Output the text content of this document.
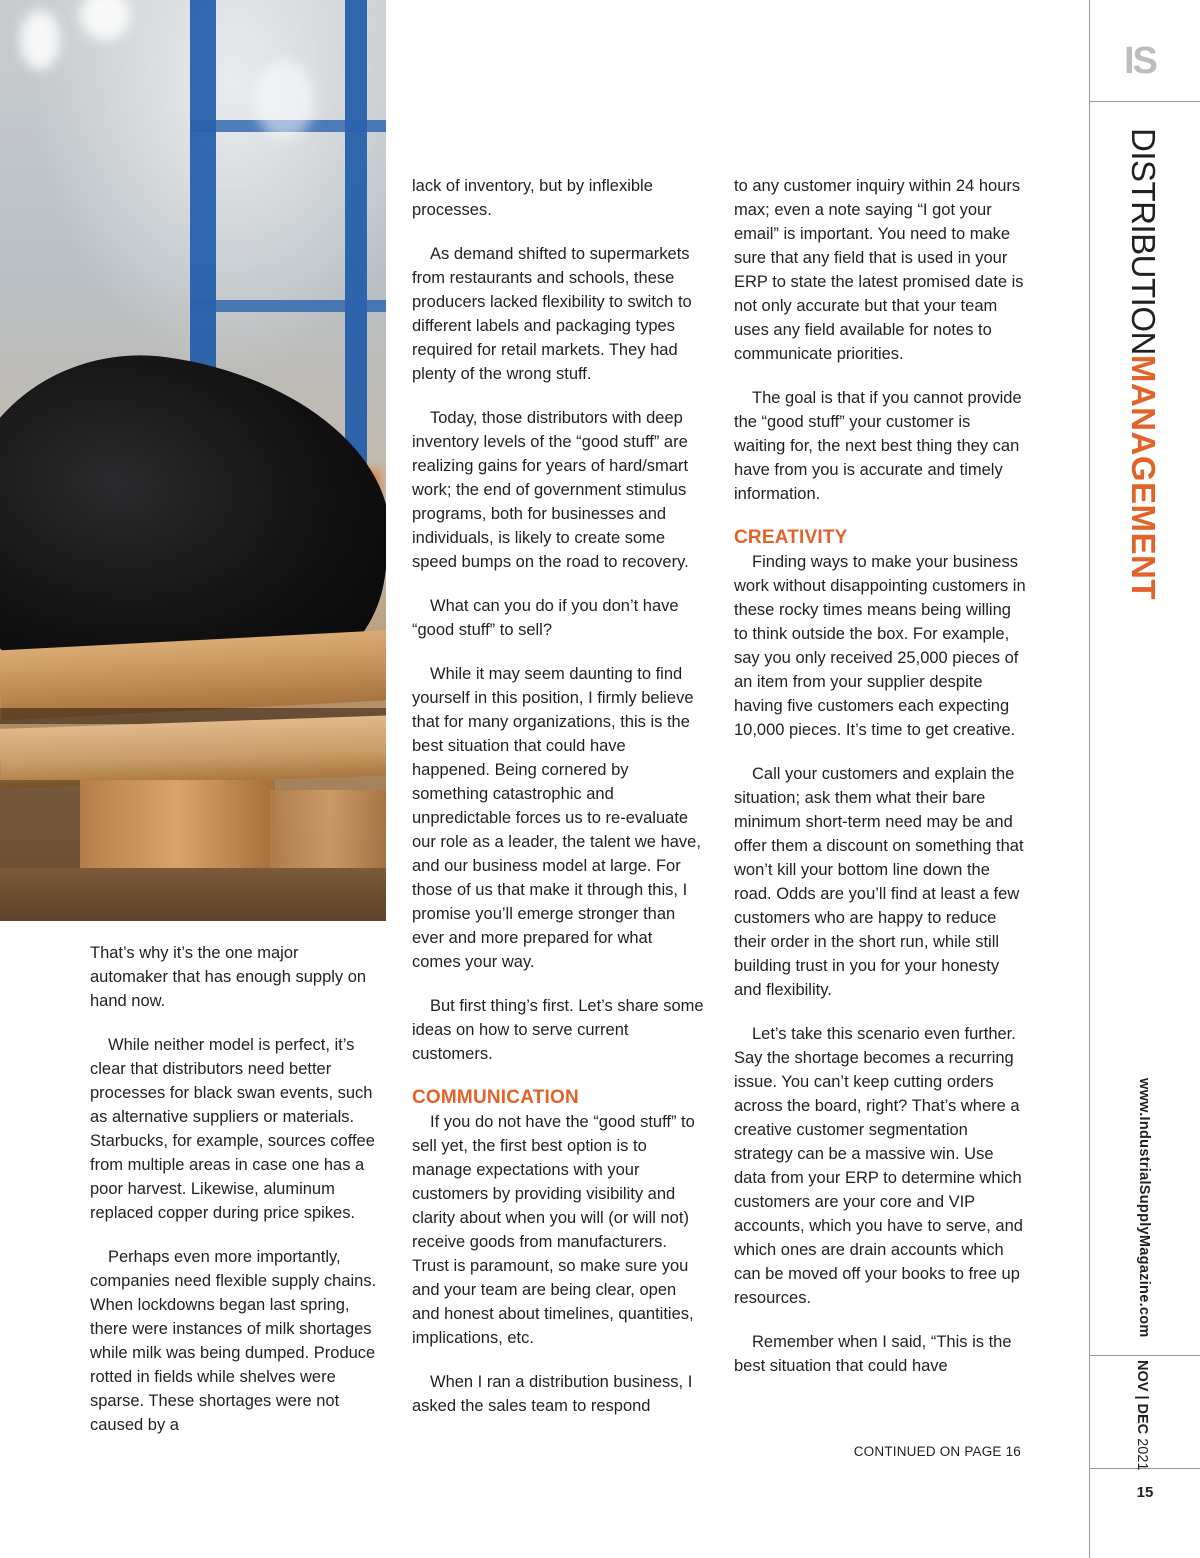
That’s why it’s the one major automaker that has enough supply on hand now.

While neither model is perfect, it’s clear that distributors need better processes for black swan events, such as alternative suppliers or materials. Starbucks, for example, sources coffee from multiple areas in case one has a poor harvest. Likewise, aluminum replaced copper during price spikes.

Perhaps even more importantly, companies need flexible supply chains. When lockdowns began last spring, there were instances of milk shortages while milk was being dumped. Produce rotted in fields while shelves were sparse. These shortages were not caused by a

lack of inventory, but by inflexible processes.

As demand shifted to supermarkets from restaurants and schools, these producers lacked flexibility to switch to different labels and packaging types required for retail markets. They had plenty of the wrong stuff.

Today, those distributors with deep inventory levels of the “good stuff” are realizing gains for years of hard/smart work; the end of government stimulus programs, both for businesses and individuals, is likely to create some speed bumps on the road to recovery.

What can you do if you don’t have “good stuff” to sell?

While it may seem daunting to find yourself in this position, I firmly believe that for many organizations, this is the best situation that could have happened. Being cornered by something catastrophic and unpredictable forces us to re-evaluate our role as a leader, the talent we have, and our business model at large. For those of us that make it through this, I promise you’ll emerge stronger than ever and more prepared for what comes your way.

But first thing’s first. Let’s share some ideas on how to serve current customers.

COMMUNICATION

If you do not have the “good stuff” to sell yet, the first best option is to manage expectations with your customers by providing visibility and clarity about when you will (or will not) receive goods from manufacturers. Trust is paramount, so make sure you and your team are being clear, open and honest about timelines, quantities, implications, etc.

When I ran a distribution business, I asked the sales team to respond

to any customer inquiry within 24 hours max; even a note saying “I got your email” is important. You need to make sure that any field that is used in your ERP to state the latest promised date is not only accurate but that your team uses any field available for notes to communicate priorities.

The goal is that if you cannot provide the “good stuff” your customer is waiting for, the next best thing they can have from you is accurate and timely information.

CREATIVITY

Finding ways to make your business work without disappointing customers in these rocky times means being willing to think outside the box. For example, say you only received 25,000 pieces of an item from your supplier despite having five customers each expecting 10,000 pieces. It’s time to get creative.

Call your customers and explain the situation; ask them what their bare minimum short-term need may be and offer them a discount on something that won’t kill your bottom line down the road. Odds are you’ll find at least a few customers who are happy to reduce their order in the short run, while still building trust in you for your honesty and flexibility.

Let’s take this scenario even further. Say the shortage becomes a recurring issue. You can’t keep cutting orders across the board, right? That’s where a creative customer segmentation strategy can be a massive win. Use data from your ERP to determine which customers are your core and VIP accounts, which you have to serve, and which ones are drain accounts which can be moved off your books to free up resources.

Remember when I said, “This is the best situation that could have

CONTINUED ON PAGE 16
IS
DISTRIBUTIONMANAGEMENT
www.IndustrialSupplyMagazine.com
NOV | DEC 2021
15
